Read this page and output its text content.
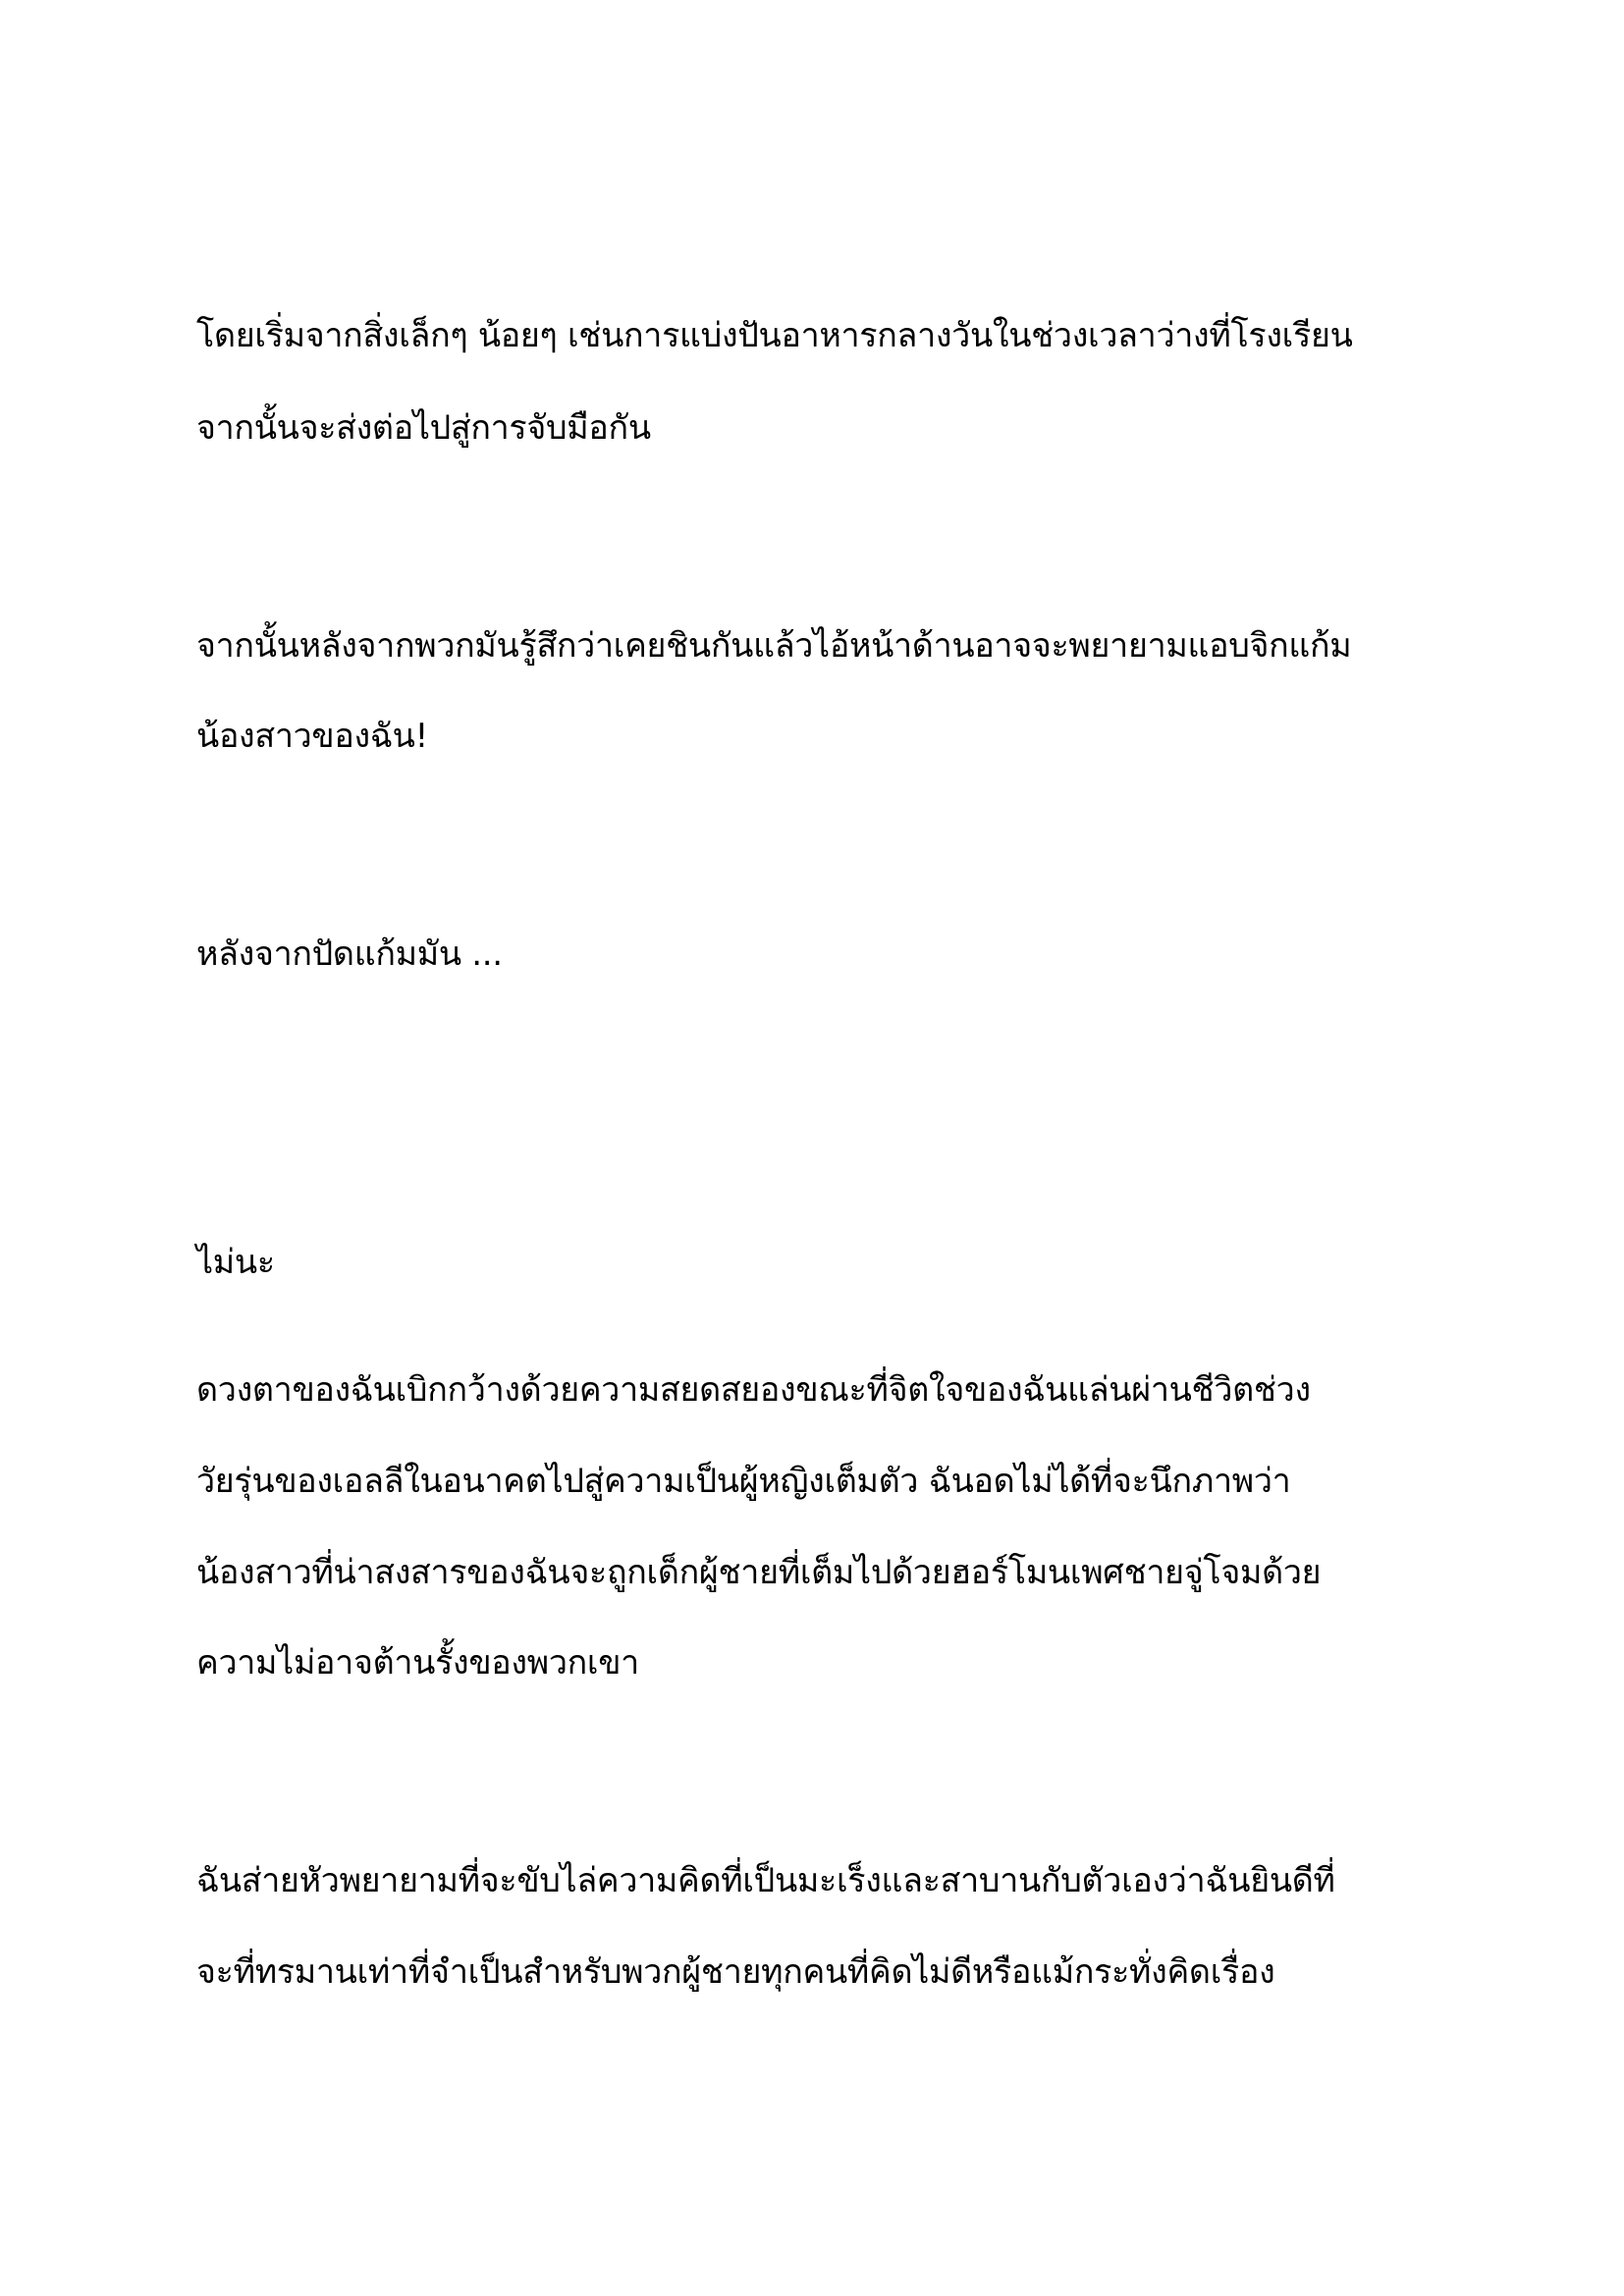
โดยเริ่มจากสิ่งเล็กๆ น้อยๆ เช่นการแบ่งปันอาหารกลางวันในช่วงเวลาว่างที่โรงเรียน

จากนั้นจะส่งต่อไปสู่การจับมือกัน

จากนั้นหลังจากพวกมันรู้สึกว่าเคยชินกันแล้วไอ้หน้าด้านอาจจะพยายามแอบจิกแก้ม

น้องสาวของฉัน!

หลังจากปัดแก้มมัน ...

ไม่นะ

ดวงตาของฉันเบิกกว้างด้วยความสยดสยองขณะที่จิตใจของฉันแล่นผ่านชีวิตช่วง

วัยรุ่นของเอลลีในอนาคตไปสู่ความเป็นผู้หญิงเต็มตัว ฉันอดไม่ได้ที่จะนึกภาพว่า

น้องสาวที่น่าสงสารของฉันจะถูกเด็กผู้ชายที่เต็มไปด้วยฮอร์โมนเพศชายจู่โจมด้วย

ความไม่อาจต้านรั้งของพวกเขา

ฉันส่ายหัวพยายามที่จะขับไล่ความคิดที่เป็นมะเร็งและสาบานกับตัวเองว่าฉันยินดีที่

จะที่ทรมานเท่าที่จำเป็นสำหรับพวกผู้ชายทุกคนที่คิดไม่ดีหรือแม้กระทั่งคิดเรื่อง
